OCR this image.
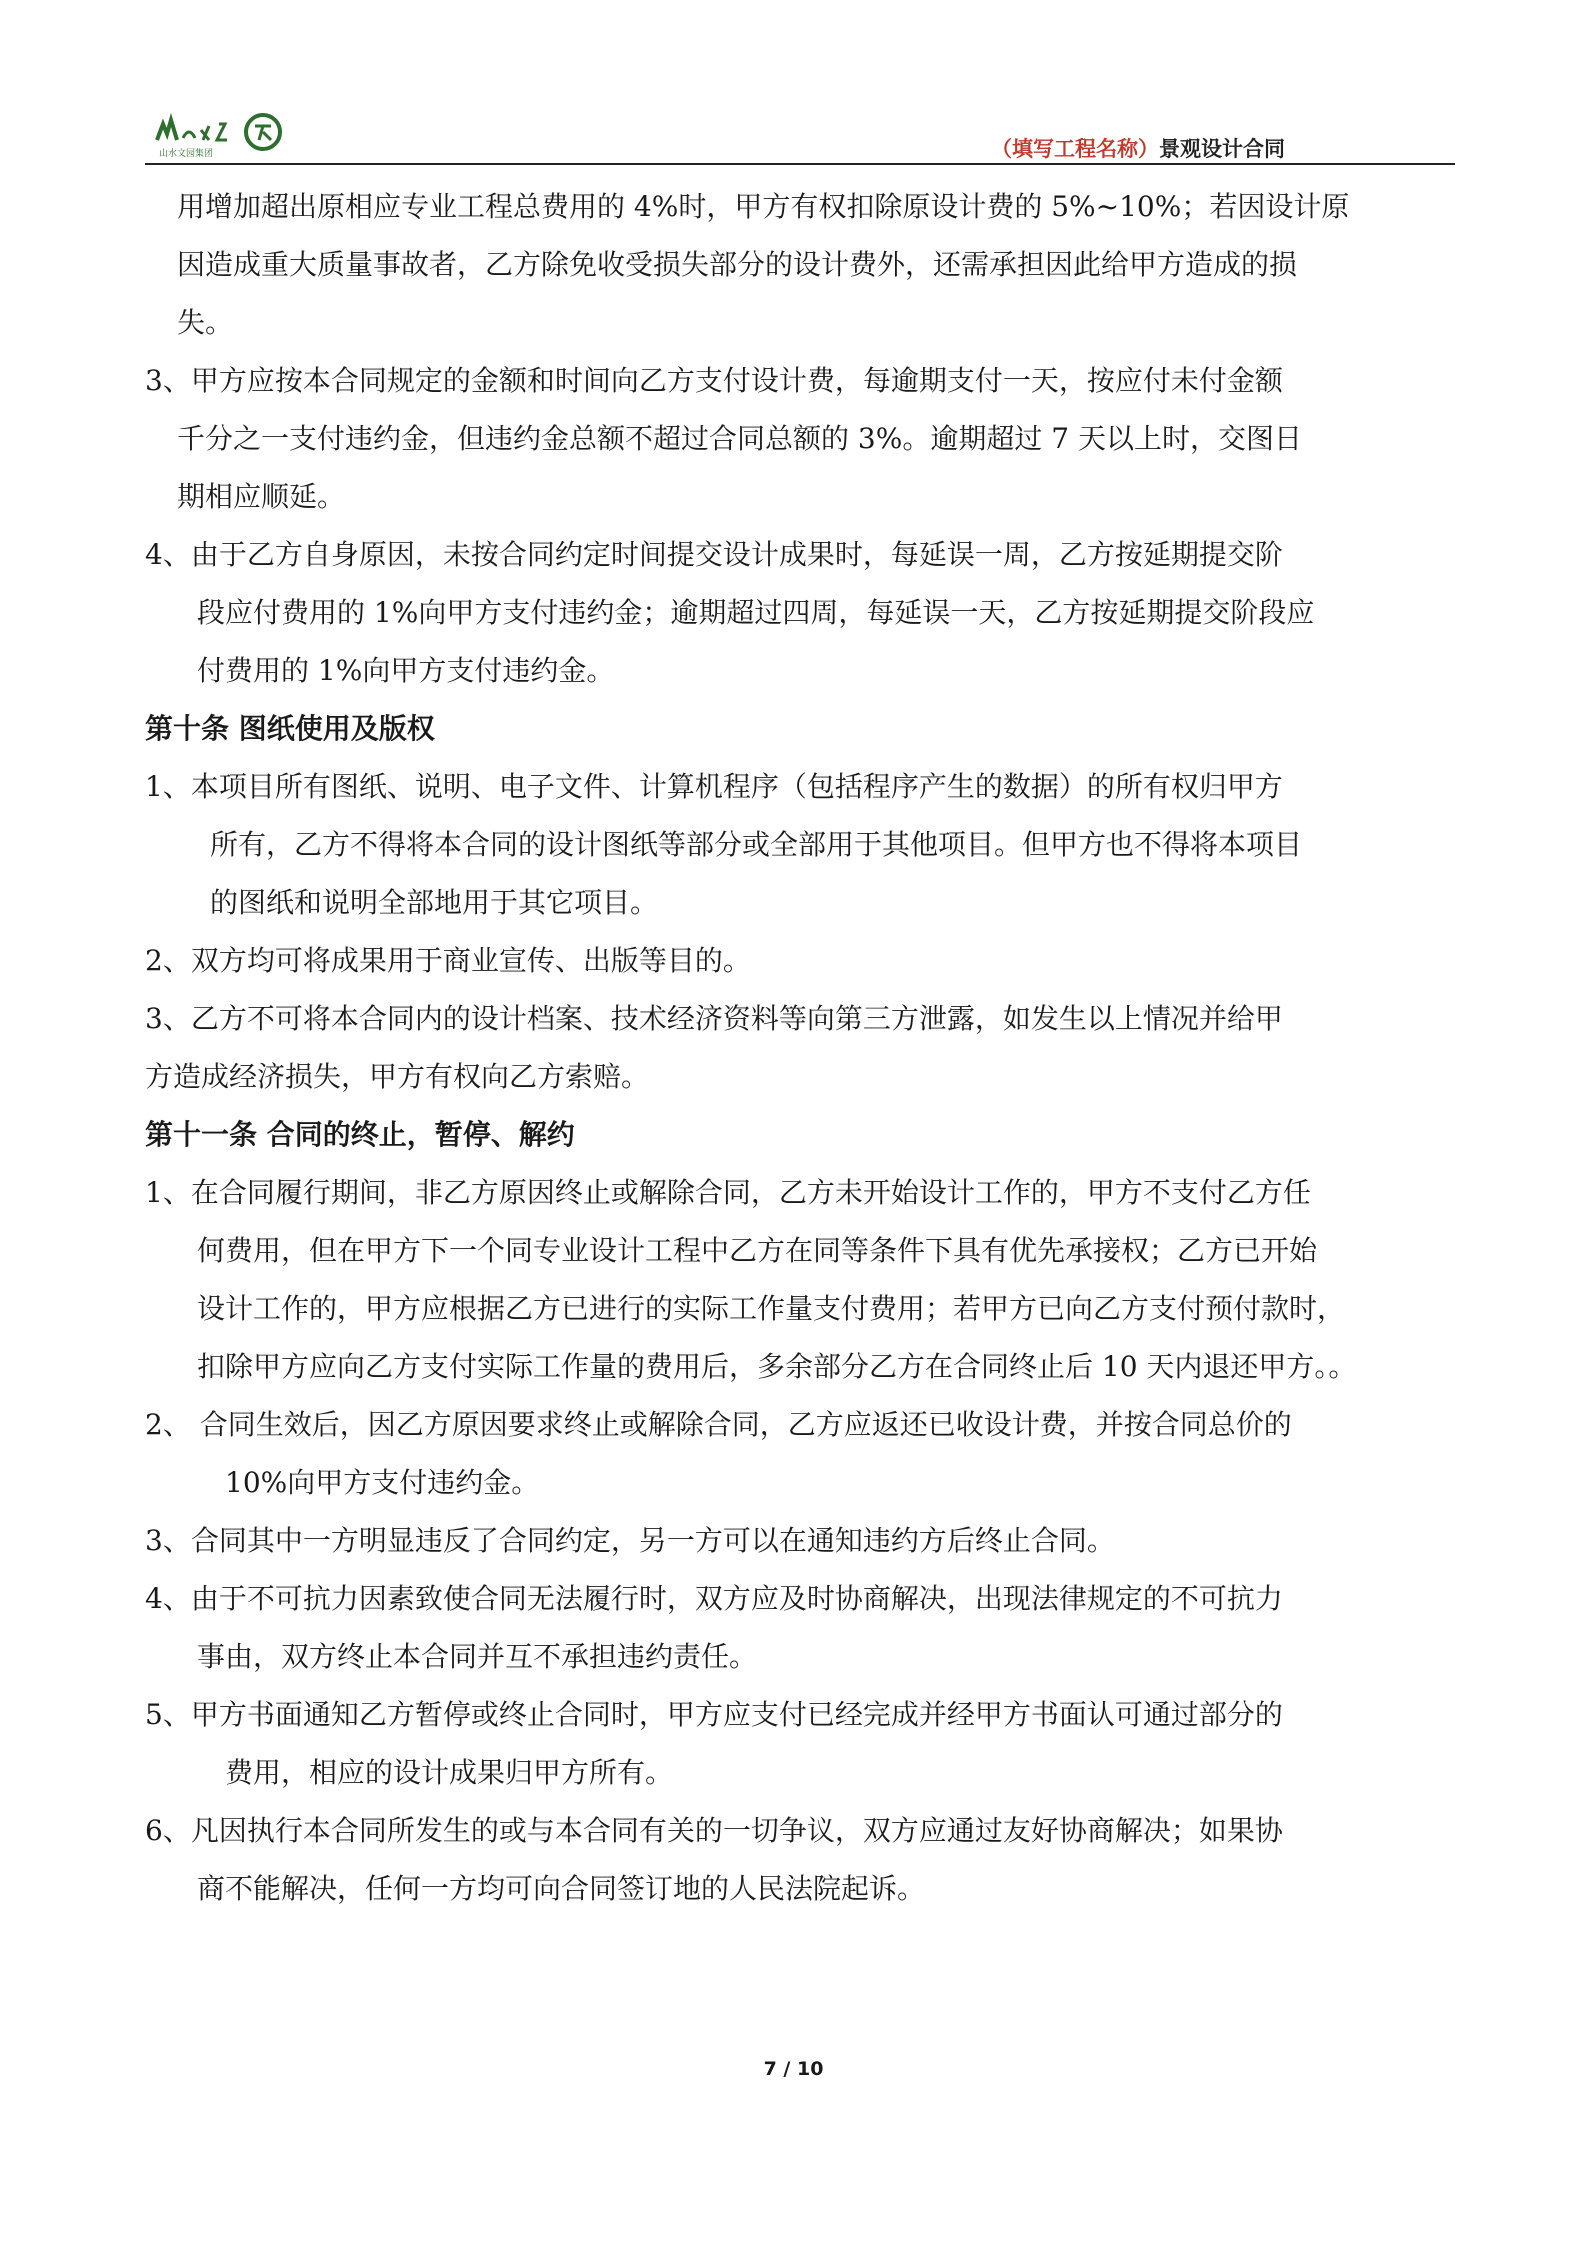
山水文园集团	（填写工程名称）景观设计合同
用增加超出原相应专业工程总费用的 4%时，甲方有权扣除原设计费的 5%~10%；若因设计原
因造成重大质量事故者，乙方除免收受损失部分的设计费外，还需承担因此给甲方造成的损
失。
3、甲方应按本合同规定的金额和时间向乙方支付设计费，每逾期支付一天，按应付未付金额
千分之一支付违约金，但违约金总额不超过合同总额的 3%。逾期超过 7 天以上时，交图日
期相应顺延。
4、由于乙方自身原因，未按合同约定时间提交设计成果时，每延误一周，乙方按延期提交阶
段应付费用的 1%向甲方支付违约金；逾期超过四周，每延误一天，乙方按延期提交阶段应
付费用的 1%向甲方支付违约金。
第十条 图纸使用及版权
1、本项目所有图纸、说明、电子文件、计算机程序（包括程序产生的数据）的所有权归甲方
所有，乙方不得将本合同的设计图纸等部分或全部用于其他项目。但甲方也不得将本项目
的图纸和说明全部地用于其它项目。
2、双方均可将成果用于商业宣传、出版等目的。
3、乙方不可将本合同内的设计档案、技术经济资料等向第三方泄露，如发生以上情况并给甲
方造成经济损失，甲方有权向乙方索赔。
第十一条 合同的终止，暂停、解约
1、在合同履行期间，非乙方原因终止或解除合同，乙方未开始设计工作的，甲方不支付乙方任
何费用，但在甲方下一个同专业设计工程中乙方在同等条件下具有优先承接权；乙方已开始
设计工作的，甲方应根据乙方已进行的实际工作量支付费用；若甲方已向乙方支付预付款时，
扣除甲方应向乙方支付实际工作量的费用后，多余部分乙方在合同终止后 10 天内退还甲方。。
2、 合同生效后，因乙方原因要求终止或解除合同，乙方应返还已收设计费，并按合同总价的
10%向甲方支付违约金。
3、合同其中一方明显违反了合同约定，另一方可以在通知违约方后终止合同。
4、由于不可抗力因素致使合同无法履行时，双方应及时协商解决，出现法律规定的不可抗力
事由，双方终止本合同并互不承担违约责任。
5、甲方书面通知乙方暂停或终止合同时，甲方应支付已经完成并经甲方书面认可通过部分的
费用，相应的设计成果归甲方所有。
6、凡因执行本合同所发生的或与本合同有关的一切争议，双方应通过友好协商解决；如果协
商不能解决，任何一方均可向合同签订地的人民法院起诉。
7 / 10
